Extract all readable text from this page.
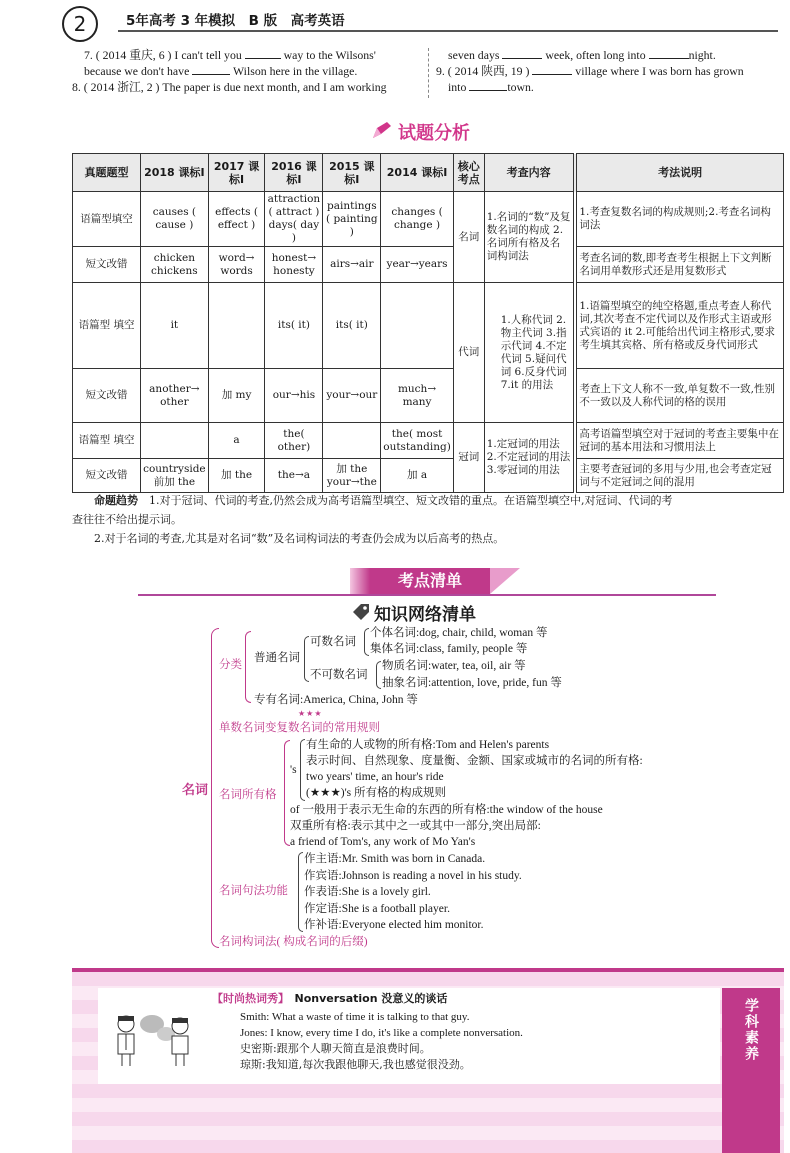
2	5年高考 3 年模拟　B 版　高考英语
7. ( 2014 重庆, 6 ) I can't tell you	way to the Wilsons'
because we don't have	Wilson here in the village.
8. ( 2014 浙江, 2 ) The paper is due next month, and I am working
seven days	week, often long into	night.
9. ( 2014 陕西, 19 )	village where I was born has grown
into	town.
试题分析
真题题型	2018 课标Ⅰ	2017 课标Ⅰ	2016 课标Ⅰ	2015 课标Ⅰ	2014 课标Ⅰ	核心考点	考查内容		考法说明
语篇型填空	causes ( cause )	effects ( effect )	attraction ( attract ) days( day )	paintings ( painting )	changes ( change )	名词	1.名词的“数”及复数名词的构成 2.名词所有格及名词构词法		1.考查复数名词的构成规则;2.考查名词构词法
短文改错	chicken chickens	word→ words	honest→ honesty	airs→air	year→years				考查名词的数,即考查考生根据上下文判断名词用单数形式还是用复数形式
语篇型 填空	it		its( it)	its( it)		代词	1.人称代词 2.物主代词 3.指示代词 4.不定代词 5.疑问代词 6.反身代词 7.it 的用法		1.语篇型填空的纯空格题,重点考查人称代词,其次考查不定代词以及作形式主语或形式宾语的 it 2.可能给出代词主格形式,要求考生填其宾格、所有格或反身代词形式
短文改错	another→ other	加 my	our→his	your→our	much→ many				考查上下文人称不一致,单复数不一致,性别不一致以及人称代词的格的误用
语篇型 填空		a	the( other)		the( most outstanding)	冠词	1.定冠词的用法 2.不定冠词的用法 3.零冠词的用法		高考语篇型填空对于冠词的考查主要集中在冠词的基本用法和习惯用法上
短文改错	countryside 前加 the	加 the	the→a	加 the your→the	加 a				主要考查冠词的多用与少用,也会考查定冠词与不定冠词之间的混用
命题趋势　 1.对于冠词、代词的考查,仍然会成为高考语篇型填空、短文改错的重点。在语篇型填空中,对冠词、代词的考
查往往不给出提示词。
2.对于名词的考查,尤其是对名词“数”及名词构词法的考查仍会成为以后高考的热点。
考点清单
知识网络清单
名词
分类
普通名词
可数名词
个体名词:dog, chair, child, woman 等
集体名词:class, family, people 等
不可数名词
物质名词:water, tea, oil, air 等
抽象名词:attention, love, pride, fun 等
专有名词:America, China, John 等
★★★
单数名词变复数名词的常用规则
名词所有格
's
有生命的人或物的所有格:Tom and Helen's parents
表示时间、自然现象、度量衡、金额、国家或城市的名词的所有格:
two years' time, an hour's ride
(★★★)'s 所有格的构成规则
of 一般用于表示无生命的东西的所有格:the window of the house
双重所有格:表示其中之一或其中一部分,突出局部:
a friend of Tom's, any work of Mo Yan's
名词句法功能
作主语:Mr. Smith was born in Canada.
作宾语:Johnson is reading a novel in his study.
作表语:She is a lovely girl.
作定语:She is a football player.
作补语:Everyone elected him monitor.
名词构词法( 构成名词的后缀)
学科素养
【时尚热词秀】　 Nonversation 没意义的谈话
Smith: What a waste of time it is talking to that guy.
Jones: I know, every time I do, it's like a complete nonversation.
史密斯:跟那个人聊天简直是浪费时间。
琼斯:我知道,每次我跟他聊天,我也感觉很没劲。
